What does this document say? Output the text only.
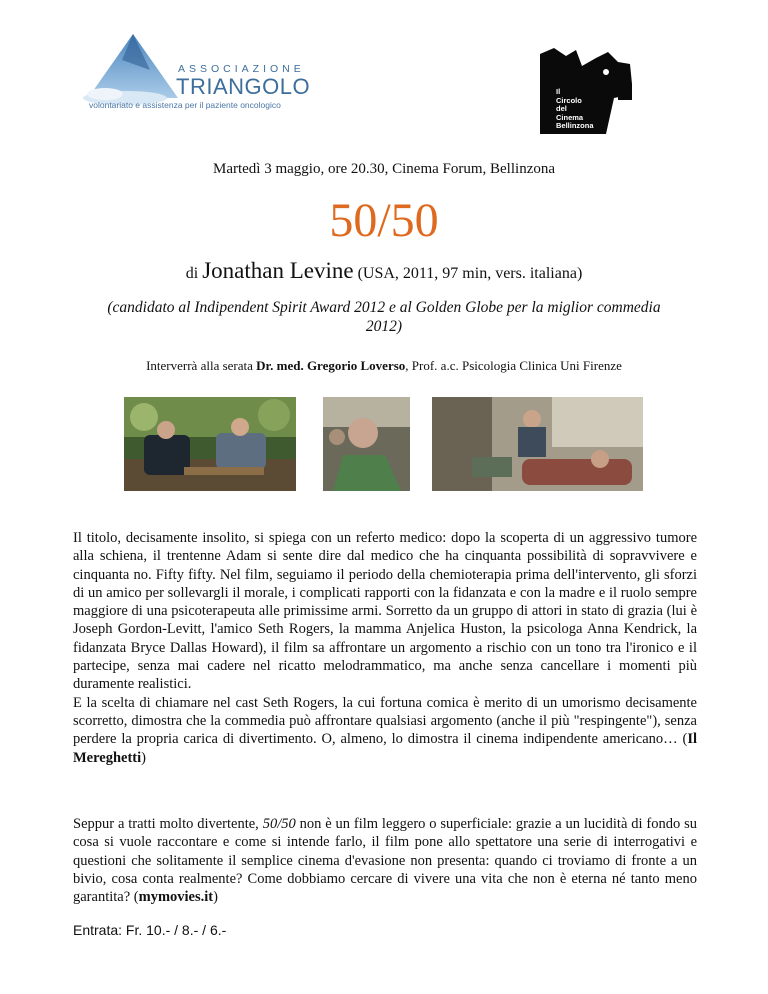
ASSOCIAZIONE
TRIANGOLO
volontariato e assistenza per il paziente oncologico
Il
Circolo
del
Cinema
Bellinzona
Martedì 3 maggio, ore 20.30, Cinema Forum, Bellinzona
50/50
di Jonathan Levine (USA, 2011, 97 min, vers. italiana)
(candidato al Indipendent Spirit Award 2012 e al Golden Globe per la miglior commedia 2012)
Interverrà alla serata Dr. med. Gregorio Loverso, Prof. a.c. Psicologia Clinica Uni Firenze

Il titolo, decisamente insolito, si spiega con un referto medico: dopo la scoperta di un aggressivo tumore alla schiena, il trentenne Adam si sente dire dal medico che ha cinquanta possibilità di sopravvivere e cinquanta no. Fifty fifty. Nel film, seguiamo il periodo della chemioterapia prima dell'intervento, gli sforzi di un amico per sollevargli il morale, i complicati rapporti con la fidanzata e con la madre e il ruolo sempre maggiore di una psicoterapeuta alle primissime armi. Sorretto da un gruppo di attori in stato di grazia (lui è Joseph Gordon-Levitt, l'amico Seth Rogers, la mamma Anjelica Huston, la psicologa Anna Kendrick, la fidanzata Bryce Dallas Howard), il film sa affrontare un argomento a rischio con un tono tra l'ironico e il partecipe, senza mai cadere nel ricatto melodrammatico, ma anche senza cancellare i momenti più duramente realistici.

E la scelta di chiamare nel cast Seth Rogers, la cui fortuna comica è merito di un umorismo decisamente scorretto, dimostra che la commedia può affrontare qualsiasi argomento (anche il più "respingente"), senza perdere la propria carica di divertimento. O, almeno, lo dimostra il cinema indipendente americano… (Il Mereghetti)

Seppur a tratti molto divertente, 50/50 non è un film leggero o superficiale: grazie a un lucidità di fondo su cosa si vuole raccontare e come si intende farlo, il film pone allo spettatore una serie di interrogativi e questioni che solitamente il semplice cinema d'evasione non presenta: quando ci troviamo di fronte a un bivio, cosa conta realmente? Come dobbiamo cercare di vivere una vita che non è eterna né tanto meno garantita? (mymovies.it)

Entrata: Fr. 10.- / 8.- / 6.-
